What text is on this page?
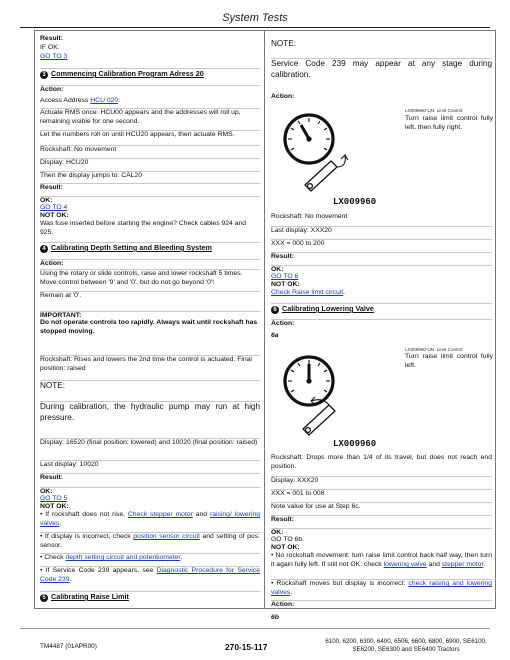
System Tests
Result:
IF OK:
GO TO 3
3 Commencing Calibration Program Adress 20
Action:
Access Address HCU 020:
Actuate RMS once: HCU00 appears and the addresses will roll up, remaining visible for one second.
Let the numbers roll on until HCU20 appears, then actuate RMS.
Rockshaft: No movement
Display: HCU20
Then the display jumps to: CAL20
Result:
OK:
GO TO 4
NOT OK:
Was fuse inserted before starting the engine? Check cables 924 and 925.
4 Calibrating Depth Setting and Bleeding System
Action:
Using the rotary or slide controls, raise and lower rockshaft 5 times. Move control between '9' and '0', but do not go beyond '0'!
Remain at '0'.
IMPORTANT:
Do not operate controls too rapidly. Always wait until rockshaft has stopped moving.
Rockshaft: Rises and lowers the 2nd time the control is actuated. Final position: raised
NOTE:
During calibration, the hydraulic pump may run at high pressure.
Display: 16520 (final position: lowered) and 10020 (final position: raised)
Last display: 10020
Result:
OK:
GO TO 5
NOT OK:
• If rockshaft does not rise, Check stepper motor and raising/ lowering valves.
• If display is incorrect, check position sensor circuit and setting of pos. sensor.
• Check depth setting circuit and potentiometer.
• If Service Code 239 appears, see Diagnostic Procedure for Service Code 239.
5 Calibrating Raise Limit
NOTE:
Service Code 239 may appear at any stage during calibration.
Action:
LX009960-UN: Limit Control
Turn raise limit control fully left, then fully right.
LX009960
Rockshaft: No movement
Last display: XXX20
XXX = 000 to 200
Result:
OK:
GO TO 6
NOT OK:
Check Raise limit circuit.
6 Calibrating Lowering Valve
Action:
6a
LX009960-UN: Limit Control
Turn raise limit control fully left.
LX009960
Rockshaft: Drops more than 1/4 of its travel, but does not reach end position.
Display: XXX20
XXX = 001 to 008
Note value for use at Step 6c.
Result:
OK:
GO TO 6b.
NOT OK:
• No rockshaft movement: turn raise limit control back half way, then turn it again fully left. If still not OK: check lowering valve and stepper motor.
• Rockshaft moves but display is incorrect: check raising and lowering valves.
Action:
6b
TM4487 (01APR00)	270-15-117
6100, 6200, 6300, 6400, 6506, 6600, 6800, 6900, SE6100, SE6200, SE6300 and SE6400 Tractors
